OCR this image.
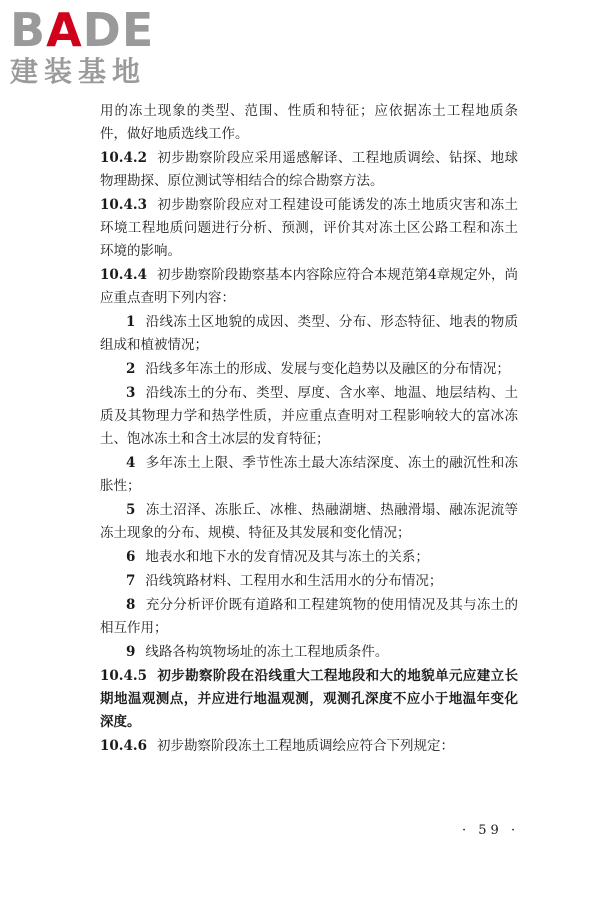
BADE
建装基地

用的冻土现象的类型、范围、性质和特征；应依据冻土工程地质条件，做好地质选线工作。

10.4.2 初步勘察阶段应采用遥感解译、工程地质调绘、钻探、地球物理勘探、原位测试等相结合的综合勘察方法。

10.4.3 初步勘察阶段应对工程建设可能诱发的冻土地质灾害和冻土环境工程地质问题进行分析、预测，评价其对冻土区公路工程和冻土环境的影响。

10.4.4 初步勘察阶段勘察基本内容除应符合本规范第4章规定外，尚应重点查明下列内容：

1 沿线冻土区地貌的成因、类型、分布、形态特征、地表的物质组成和植被情况；

2 沿线多年冻土的形成、发展与变化趋势以及融区的分布情况；

3 沿线冻土的分布、类型、厚度、含水率、地温、地层结构、土质及其物理力学和热学性质，并应重点查明对工程影响较大的富冰冻土、饱冰冻土和含土冰层的发育特征；

4 多年冻土上限、季节性冻土最大冻结深度、冻土的融沉性和冻胀性；

5 冻土沼泽、冻胀丘、冰椎、热融湖塘、热融滑塌、融冻泥流等冻土现象的分布、规模、特征及其发展和变化情况；

6 地表水和地下水的发育情况及其与冻土的关系；

7 沿线筑路材料、工程用水和生活用水的分布情况；

8 充分分析评价既有道路和工程建筑物的使用情况及其与冻土的相互作用；

9 线路各构筑物场址的冻土工程地质条件。

10.4.5 初步勘察阶段在沿线重大工程地段和大的地貌单元应建立长期地温观测点，并应进行地温观测，观测孔深度不应小于地温年变化深度。

10.4.6 初步勘察阶段冻土工程地质调绘应符合下列规定：

· 59 ·
